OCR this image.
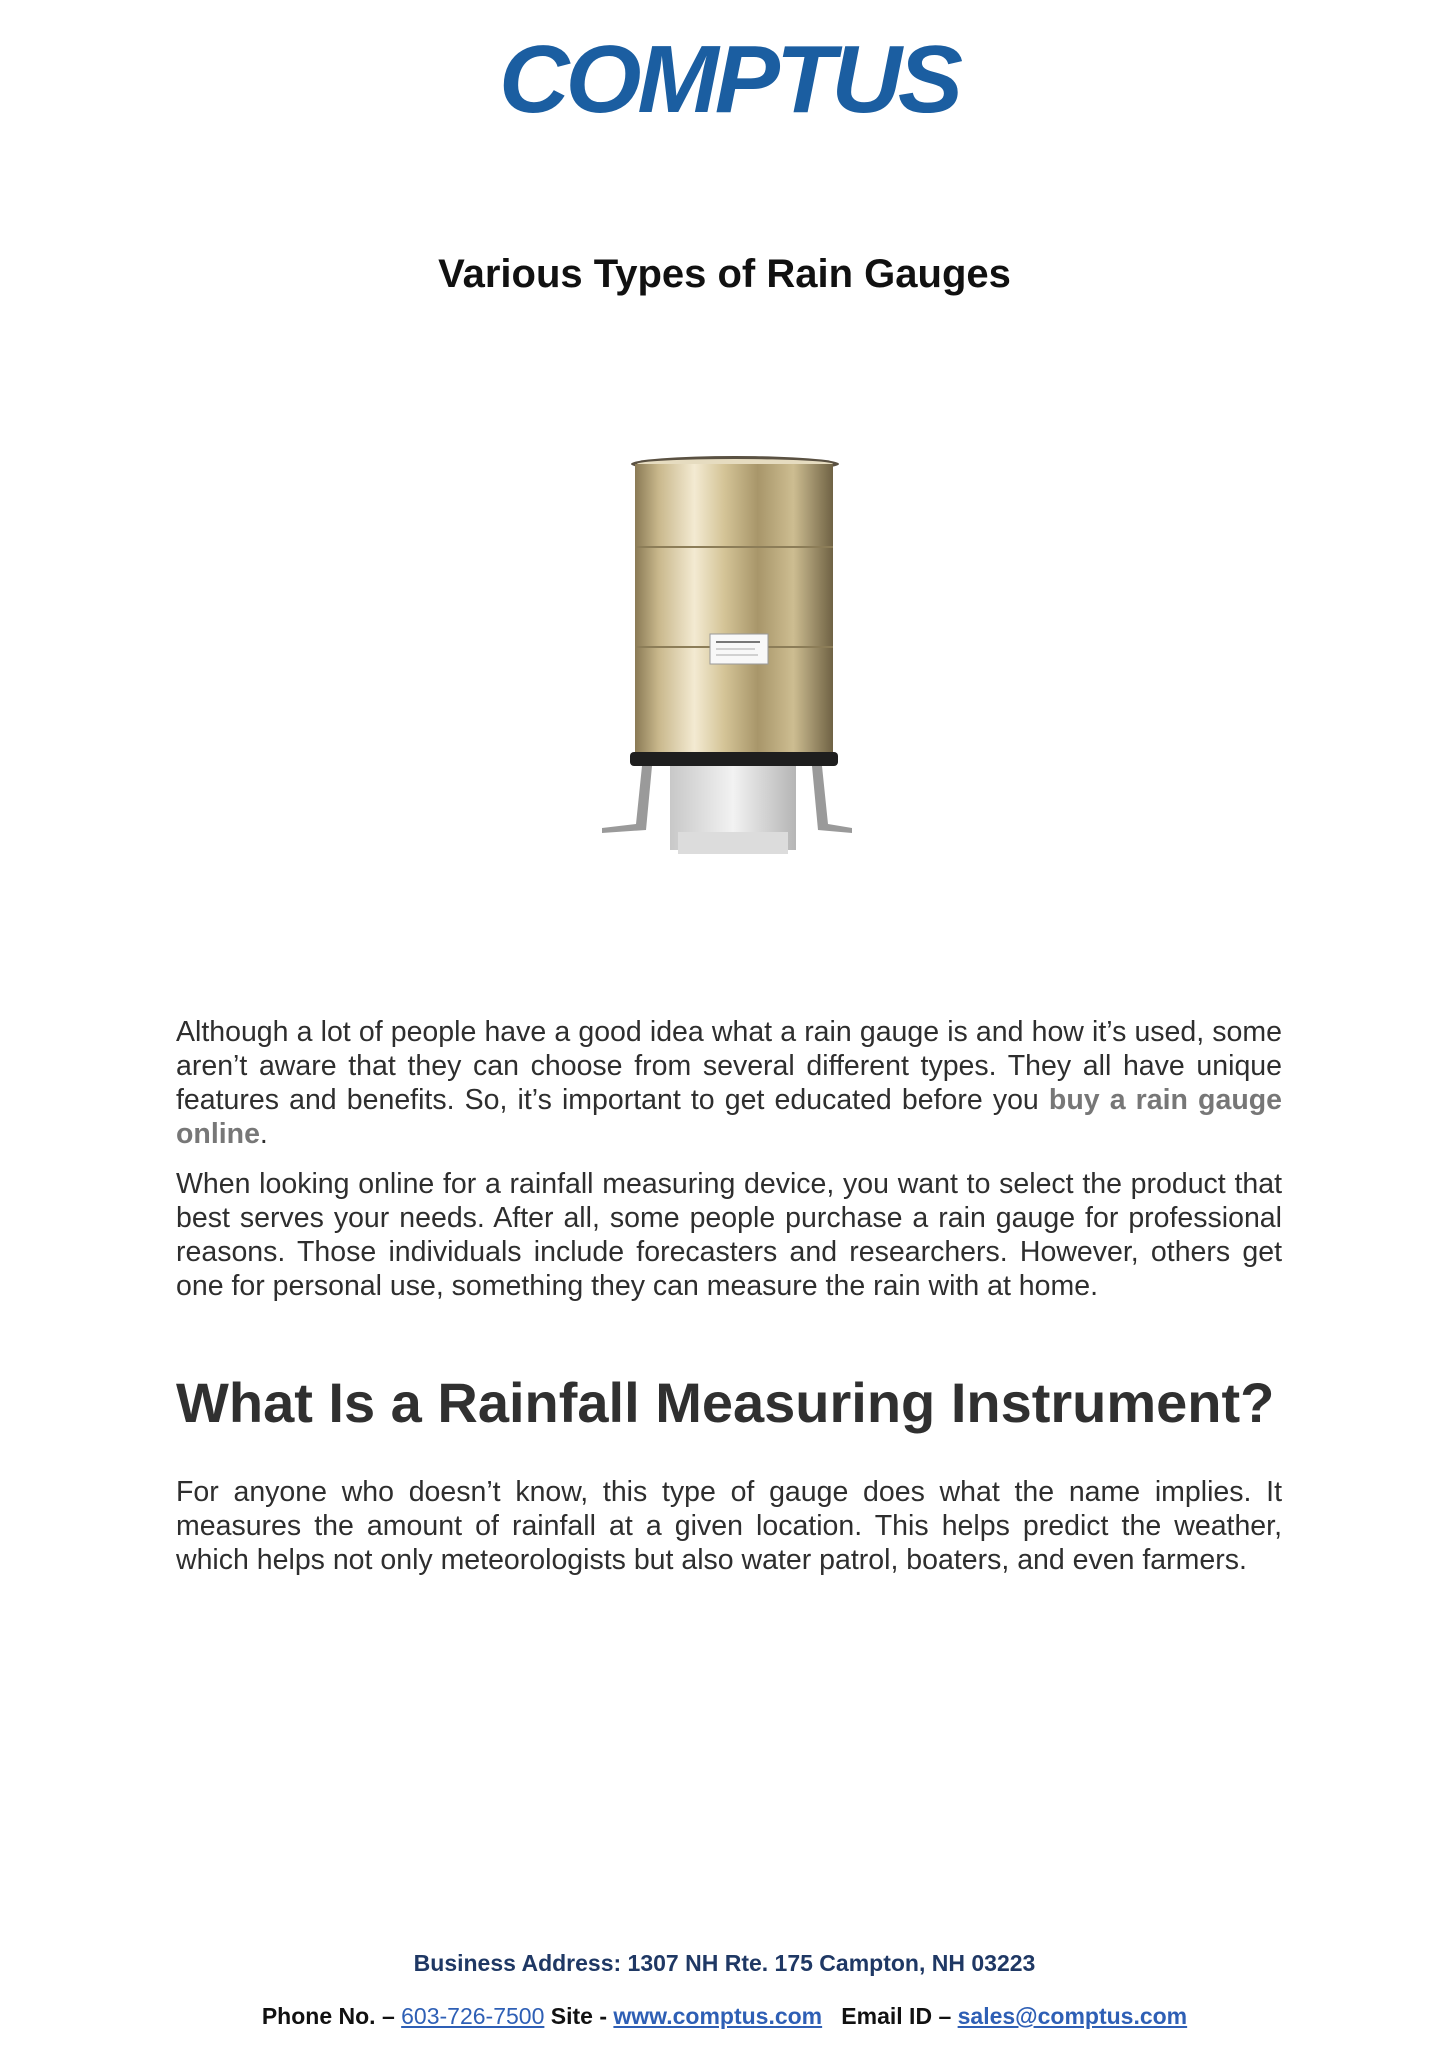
COMPTUS
Various Types of Rain Gauges
Although a lot of people have a good idea what a rain gauge is and how it’s used, some aren’t aware that they can choose from several different types. They all have unique features and benefits. So, it’s important to get educated before you buy a rain gauge online.
When looking online for a rainfall measuring device, you want to select the product that best serves your needs. After all, some people purchase a rain gauge for professional reasons. Those individuals include forecasters and researchers. However, others get one for personal use, something they can measure the rain with at home.
What Is a Rainfall Measuring Instrument?
For anyone who doesn’t know, this type of gauge does what the name implies. It measures the amount of rainfall at a given location. This helps predict the weather, which helps not only meteorologists but also water patrol, boaters, and even farmers.
Business Address: 1307 NH Rte. 175 Campton, NH 03223
Phone No. – 603-726-7500 Site - www.comptus.com Email ID – sales@comptus.com
